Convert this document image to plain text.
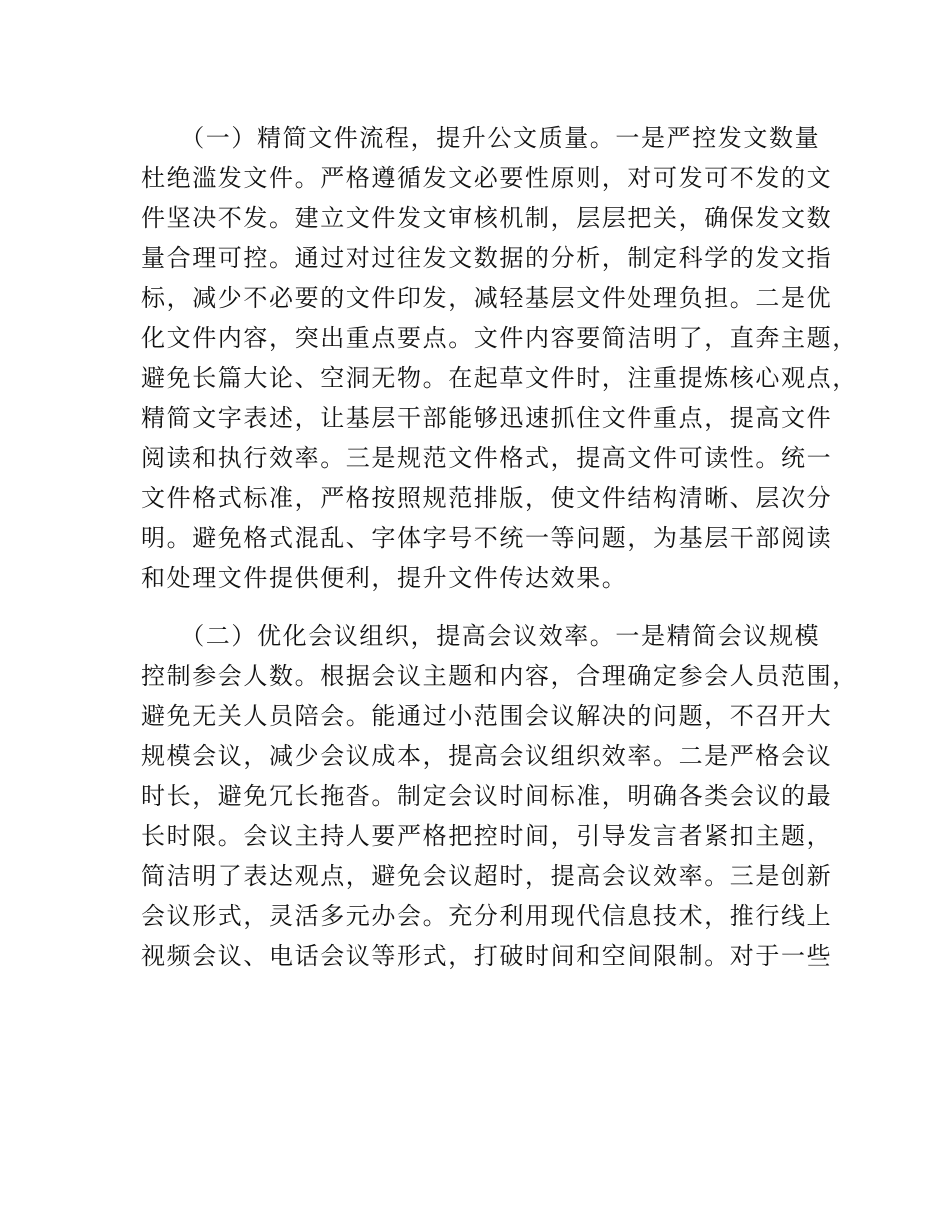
　　（一）精简文件流程，提升公文质量。一是严控发文数量
杜绝滥发文件。严格遵循发文必要性原则，对可发可不发的文
件坚决不发。建立文件发文审核机制，层层把关，确保发文数
量合理可控。通过对过往发文数据的分析，制定科学的发文指
标，减少不必要的文件印发，减轻基层文件处理负担。二是优
化文件内容，突出重点要点。文件内容要简洁明了，直奔主题，
避免长篇大论、空洞无物。在起草文件时，注重提炼核心观点，
精简文字表述，让基层干部能够迅速抓住文件重点，提高文件
阅读和执行效率。三是规范文件格式，提高文件可读性。统一
文件格式标准，严格按照规范排版，使文件结构清晰、层次分
明。避免格式混乱、字体字号不统一等问题，为基层干部阅读
和处理文件提供便利，提升文件传达效果。
　　（二）优化会议组织，提高会议效率。一是精简会议规模
控制参会人数。根据会议主题和内容，合理确定参会人员范围，
避免无关人员陪会。能通过小范围会议解决的问题，不召开大
规模会议，减少会议成本，提高会议组织效率。二是严格会议
时长，避免冗长拖沓。制定会议时间标准，明确各类会议的最
长时限。会议主持人要严格把控时间，引导发言者紧扣主题，
简洁明了表达观点，避免会议超时，提高会议效率。三是创新
会议形式，灵活多元办会。充分利用现代信息技术，推行线上
视频会议、电话会议等形式，打破时间和空间限制。对于一些
